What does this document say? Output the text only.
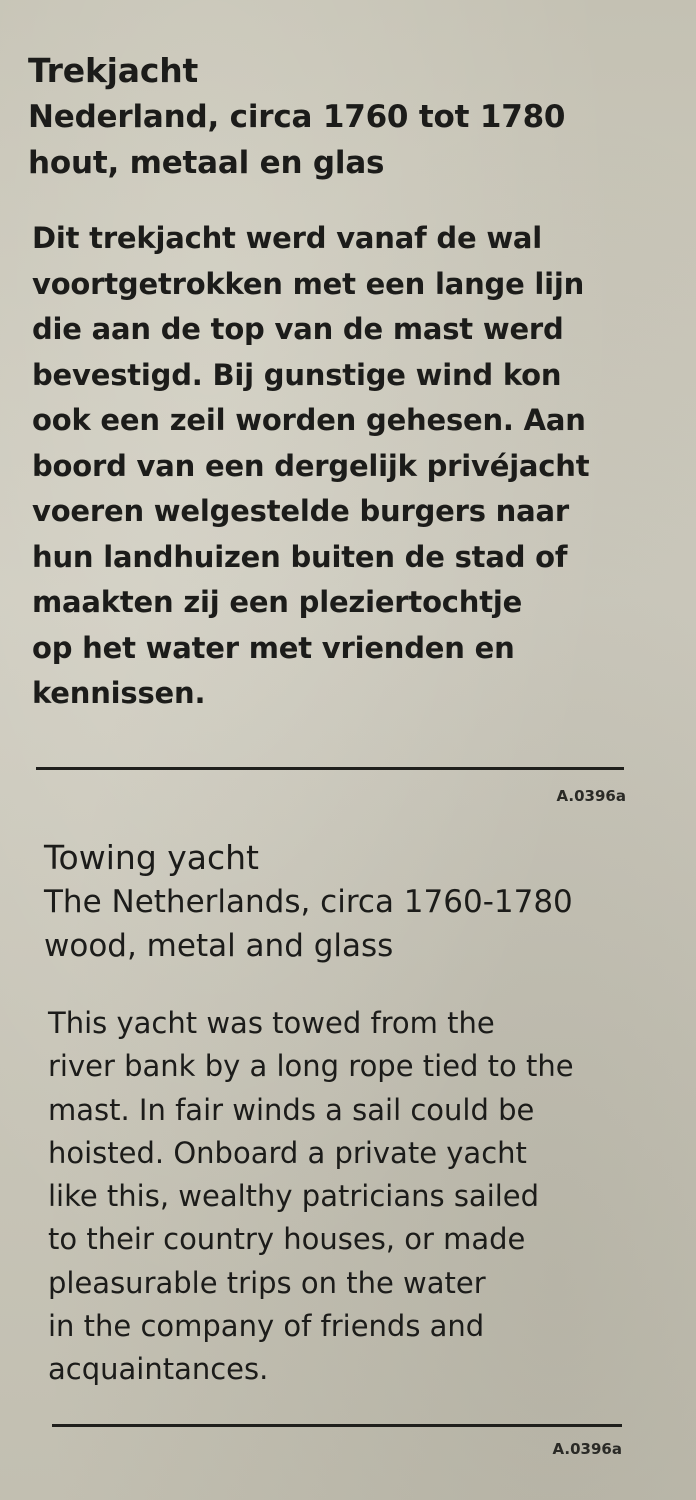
Trekjacht

Nederland, circa 1760 tot 1780

hout, metaal en glas

Dit trekjacht werd vanaf de wal
voortgetrokken met een lange lijn
die aan de top van de mast werd
bevestigd. Bij gunstige wind kon
ook een zeil worden gehesen. Aan
boord van een dergelijk privéjacht
voeren welgestelde burgers naar
hun landhuizen buiten de stad of
maakten zij een pleziertochtje
op het water met vrienden en
kennissen.
A.0396a

Towing yacht

The Netherlands, circa 1760-1780

wood, metal and glass

This yacht was towed from the
river bank by a long rope tied to the
mast. In fair winds a sail could be
hoisted. Onboard a private yacht
like this, wealthy patricians sailed
to their country houses, or made
pleasurable trips on the water
in the company of friends and
acquaintances.
A.0396a
